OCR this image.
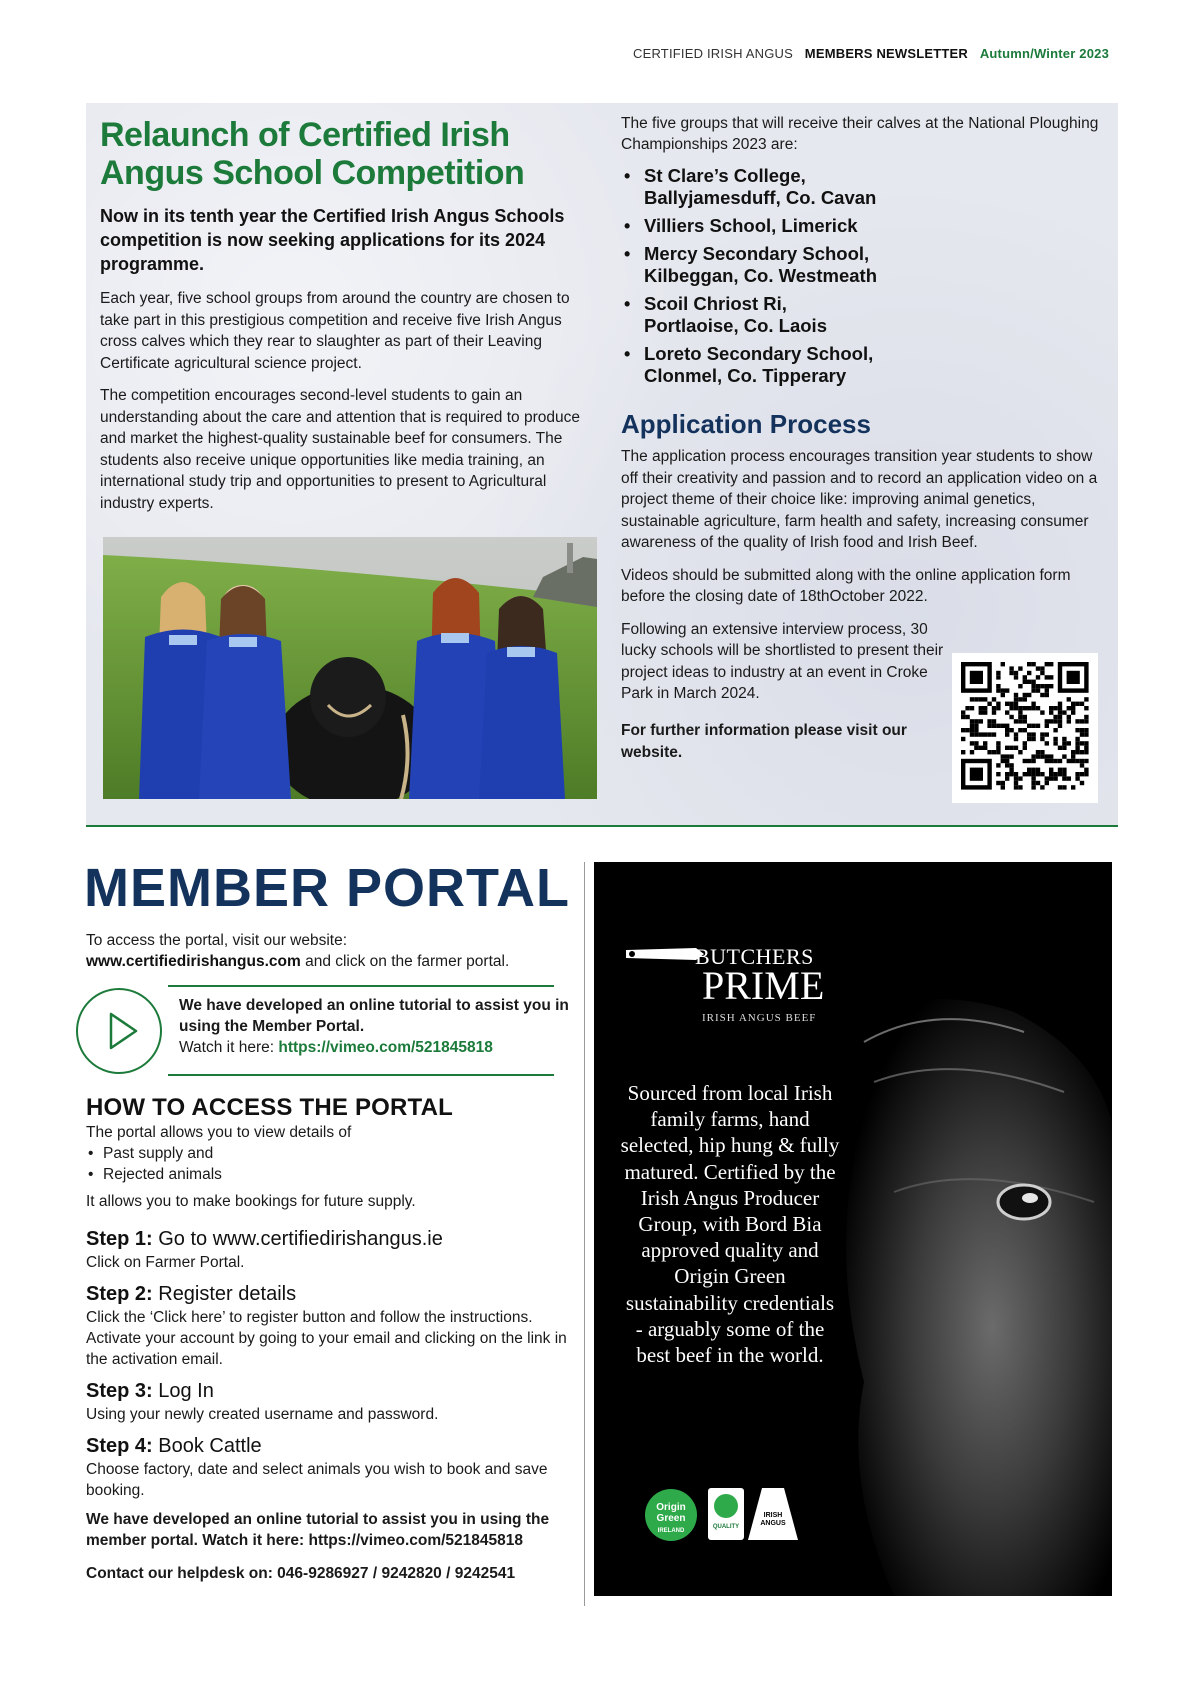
CERTIFIED IRISH ANGUS MEMBERS NEWSLETTER Autumn/Winter 2023
Relaunch of Certified Irish
Angus School Competition

Now in its tenth year the Certified Irish Angus Schools competition is now seeking applications for its 2024 programme.

Each year, five school groups from around the country are chosen to take part in this prestigious competition and receive five Irish Angus cross calves which they rear to slaughter as part of their Leaving Certificate agricultural science project.

The competition encourages second-level students to gain an understanding about the care and attention that is required to produce and market the highest-quality sustainable beef for consumers. The students also receive unique opportunities like media training, an international study trip and opportunities to present to Agricultural industry experts.

The five groups that will receive their calves at the National Ploughing Championships 2023 are:

• St Clare’s College,
Ballyjamesduff, Co. Cavan
• Villiers School, Limerick
• Mercy Secondary School,
Kilbeggan, Co. Westmeath
• Scoil Chriost Ri,
Portlaoise, Co. Laois
• Loreto Secondary School,
Clonmel, Co. Tipperary
Application Process

The application process encourages transition year students to show off their creativity and passion and to record an application video on a project theme of their choice like: improving animal genetics, sustainable agriculture, farm health and safety, increasing consumer awareness of the quality of Irish food and Irish Beef.

Videos should be submitted along with the online application form before the closing date of 18thOctober 2022.

Following an extensive interview process, 30 lucky schools will be shortlisted to present their project ideas to industry at an event in Croke Park in March 2024.

For further information please visit our website.

MEMBER PORTAL

To access the portal, visit our website:

www.certifiedirishangus.com and click on the farmer portal.

We have developed an online tutorial to assist you in using the Member Portal.
Watch it here: https://vimeo.com/521845818
HOW TO ACCESS THE PORTAL

The portal allows you to view details of

• Past supply and
• Rejected animals

It allows you to make bookings for future supply.

Step 1: Go to www.certifiedirishangus.ie

Click on Farmer Portal.

Step 2: Register details

Click the ‘Click here’ to register button and follow the instructions. Activate your account by going to your email and clicking on the link in the activation email.

Step 3: Log In

Using your newly created username and password.

Step 4: Book Cattle

Choose factory, date and select animals you wish to book and save booking.

We have developed an online tutorial to assist you in using the member portal. Watch it here: https://vimeo.com/521845818

Contact our helpdesk on: 046-9286927 / 9242820 / 9242541

BUTCHERS
PRIME
IRISH ANGUS BEEF
Sourced from local Irish family farms, hand selected, hip hung & fully matured. Certified by the Irish Angus Producer Group, with Bord Bia approved quality and Origin Green sustainability credentials - arguably some of the best beef in the world.
Origin Green
IRELAND
QUALITY
IRISH ANGUS
